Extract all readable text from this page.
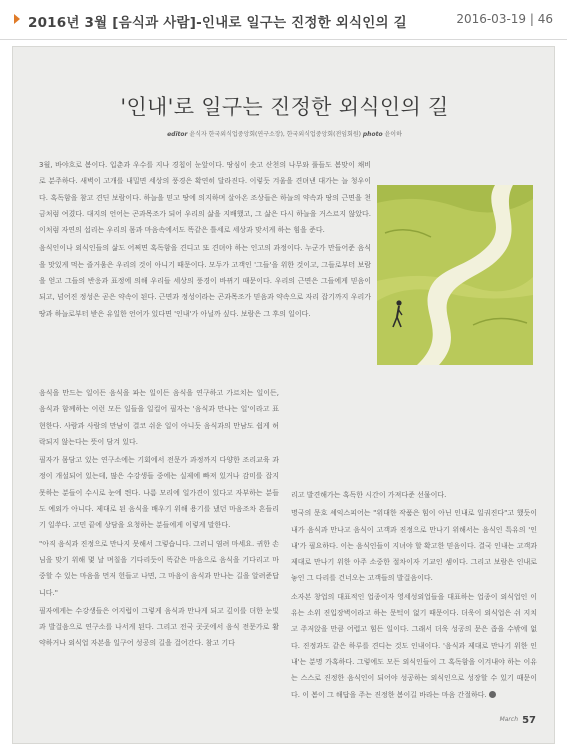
2016년 3월 [음식과 사람]-인내로 일구는 진정한 외식인의 길	2016-03-19 | 46
'인내'로 일구는 진정한 외식인의 길
editor 윤식자 한국외식업중앙회(연구소장), 한국외식업중앙회(전임회원) photo 윤이하

3월, 바야흐로 봄이다. 입춘과 우수를 지나 경칩이 눈앞이다. 땅심이 솟고 산천의 나무와 풀들도 봄맞이 채비로 분주하다. 새벽이 고개를 내밀면 세상의 풍경은 확연히 달라진다. 이렇듯 겨울을 견뎌낸 대가는 늘 청우이다. 혹독함을 참고 견딘 보람이다. 하늘을 믿고 땅에 의지하며 살아온 조상들은 하늘의 약속과 땅의 근면을 천금처럼 여겼다. 대지의 언어는 곤과목조가 되어 우리의 삶을 지배했고, 그 삶은 다시 하늘을 거스르지 않았다. 이처럼 자연의 섭리는 우리의 몸과 마음속에서도 똑같은 틀세로 세상과 맞서게 하는 힘을 준다.

음식인이나 외식인들의 삶도 어쩌면 혹독함을 견디고 또 견뎌야 하는 인고의 과정이다. 누군가 만들어준 음식을 맛있게 먹는 즐거움은 우리의 것이 아니기 때문이다. 모두가 고객인 '그들'을 위한 것이고, 그들로부터 보람을 얻고 그들의 반응과 표정에 의해 우리들 세상의 풍경이 바뀌기 때문이다. 우리의 근면은 그들에게 믿음이 되고, 넘어진 정성은 곧은 약속이 된다. 근면과 정성이라는 곤과목조가 믿음과 약속으로 자리 잡기까지 우리가 땅과 하늘로부터 받은 유일한 언어가 있다면 '인내'가 아닐까 싶다. 보람은 그 후의 일이다.

음식을 만드는 일이든 음식을 파는 일이든 음식을 연구하고 가르치는 일이든, 음식과 함께하는 이런 모든 일들을 일컬어 필자는 '음식과 만나는 일'이라고 표현한다. 사람과 사람의 만남이 결코 쉬운 일이 아니듯 음식과의 만남도 쉽게 허락되지 않는다는 뜻이 담겨 있다.

필자가 몸담고 있는 연구소에는 기회에서 전문가 과정까지 다양한 조리교육 과정이 개설되어 있는데, 많은 수강생들 중에는 실제에 빠져 있거나 감미를 잡지 못하는 분들이 수시로 눈에 띈다. 나름 모리에 일가견이 있다고 자부하는 분들도 예외가 아니다. 제대로 된 음식을 배우기 위해 용기를 냈던 마음조차 흔들리기 일쑤다. 고민 끝에 상담을 요청하는 분들에게 이렇게 말한다.

"아직 음식과 진정으로 만나지 못해서 그렇습니다. 그러니 염려 마세요. 귀한 손님을 맞기 위해 몇 날 며칠을 기다리듯이 똑같은 마음으로 음식을 기다리고 마중할 수 있는 마음을 먼저 헌들고 나면, 그 마음이 음식과 만나는 길을 알려준답니다."

필자에게는 수강생들은 어지럽이 그렇게 음식과 만나게 되고 깊이를 더한 눈빛과 발걸음으로 연구소를 나서게 된다. 그리고 전국 곳곳에서 음식 전문가로 활약하거나 외식업 자본을 일구어 성공의 길을 걸어간다. 참고 기다

리고 발견해가는 혹독한 시간이 가져다준 선물이다.

명국의 문호 셰익스피어는 "위대한 작품은 힘이 아닌 인내로 일궈진다"고 했듯이 내가 음식과 만나고 음식이 고객과 진정으로 만나기 위해서는 음식인 특유의 '인내'가 필요하다. 이는 음식인들이 지녀야 할 확고한 믿음이다. 결국 인내는 고객과 제대로 만나기 위한 아주 소중한 절차이자 기교인 셈이다. 그리고 보람은 인내로 놓인 그 다리를 건너오는 고객들의 발걸음이다.

소자본 창업의 대표적인 업종이자 영세성외업들을 대표하는 업종이 외식업인 이유는 소위 진입장벽이라고 하는 문턱이 없기 때문이다. 더욱이 외식업은 쉬 지치고 주저앉을 만큼 어렵고 힘든 일이다. 그래서 더욱 성공의 문은 좁을 수밖에 없다. 진정과도 같은 하루를 견디는 것도 인내이다. '음식과 제대로 만나기 위한 인내'는 분명 가혹하다. 그렇에도 모든 외식인들이 그 혹독함을 이겨내야 하는 이유는 스스로 진정한 음식인이 되어야 성공하는 외식인으로 성장할 수 있기 때문이다. 이 봄이 그 해답을 주는 진정한 봄이길 바라는 마음 간절하다.

March 57
